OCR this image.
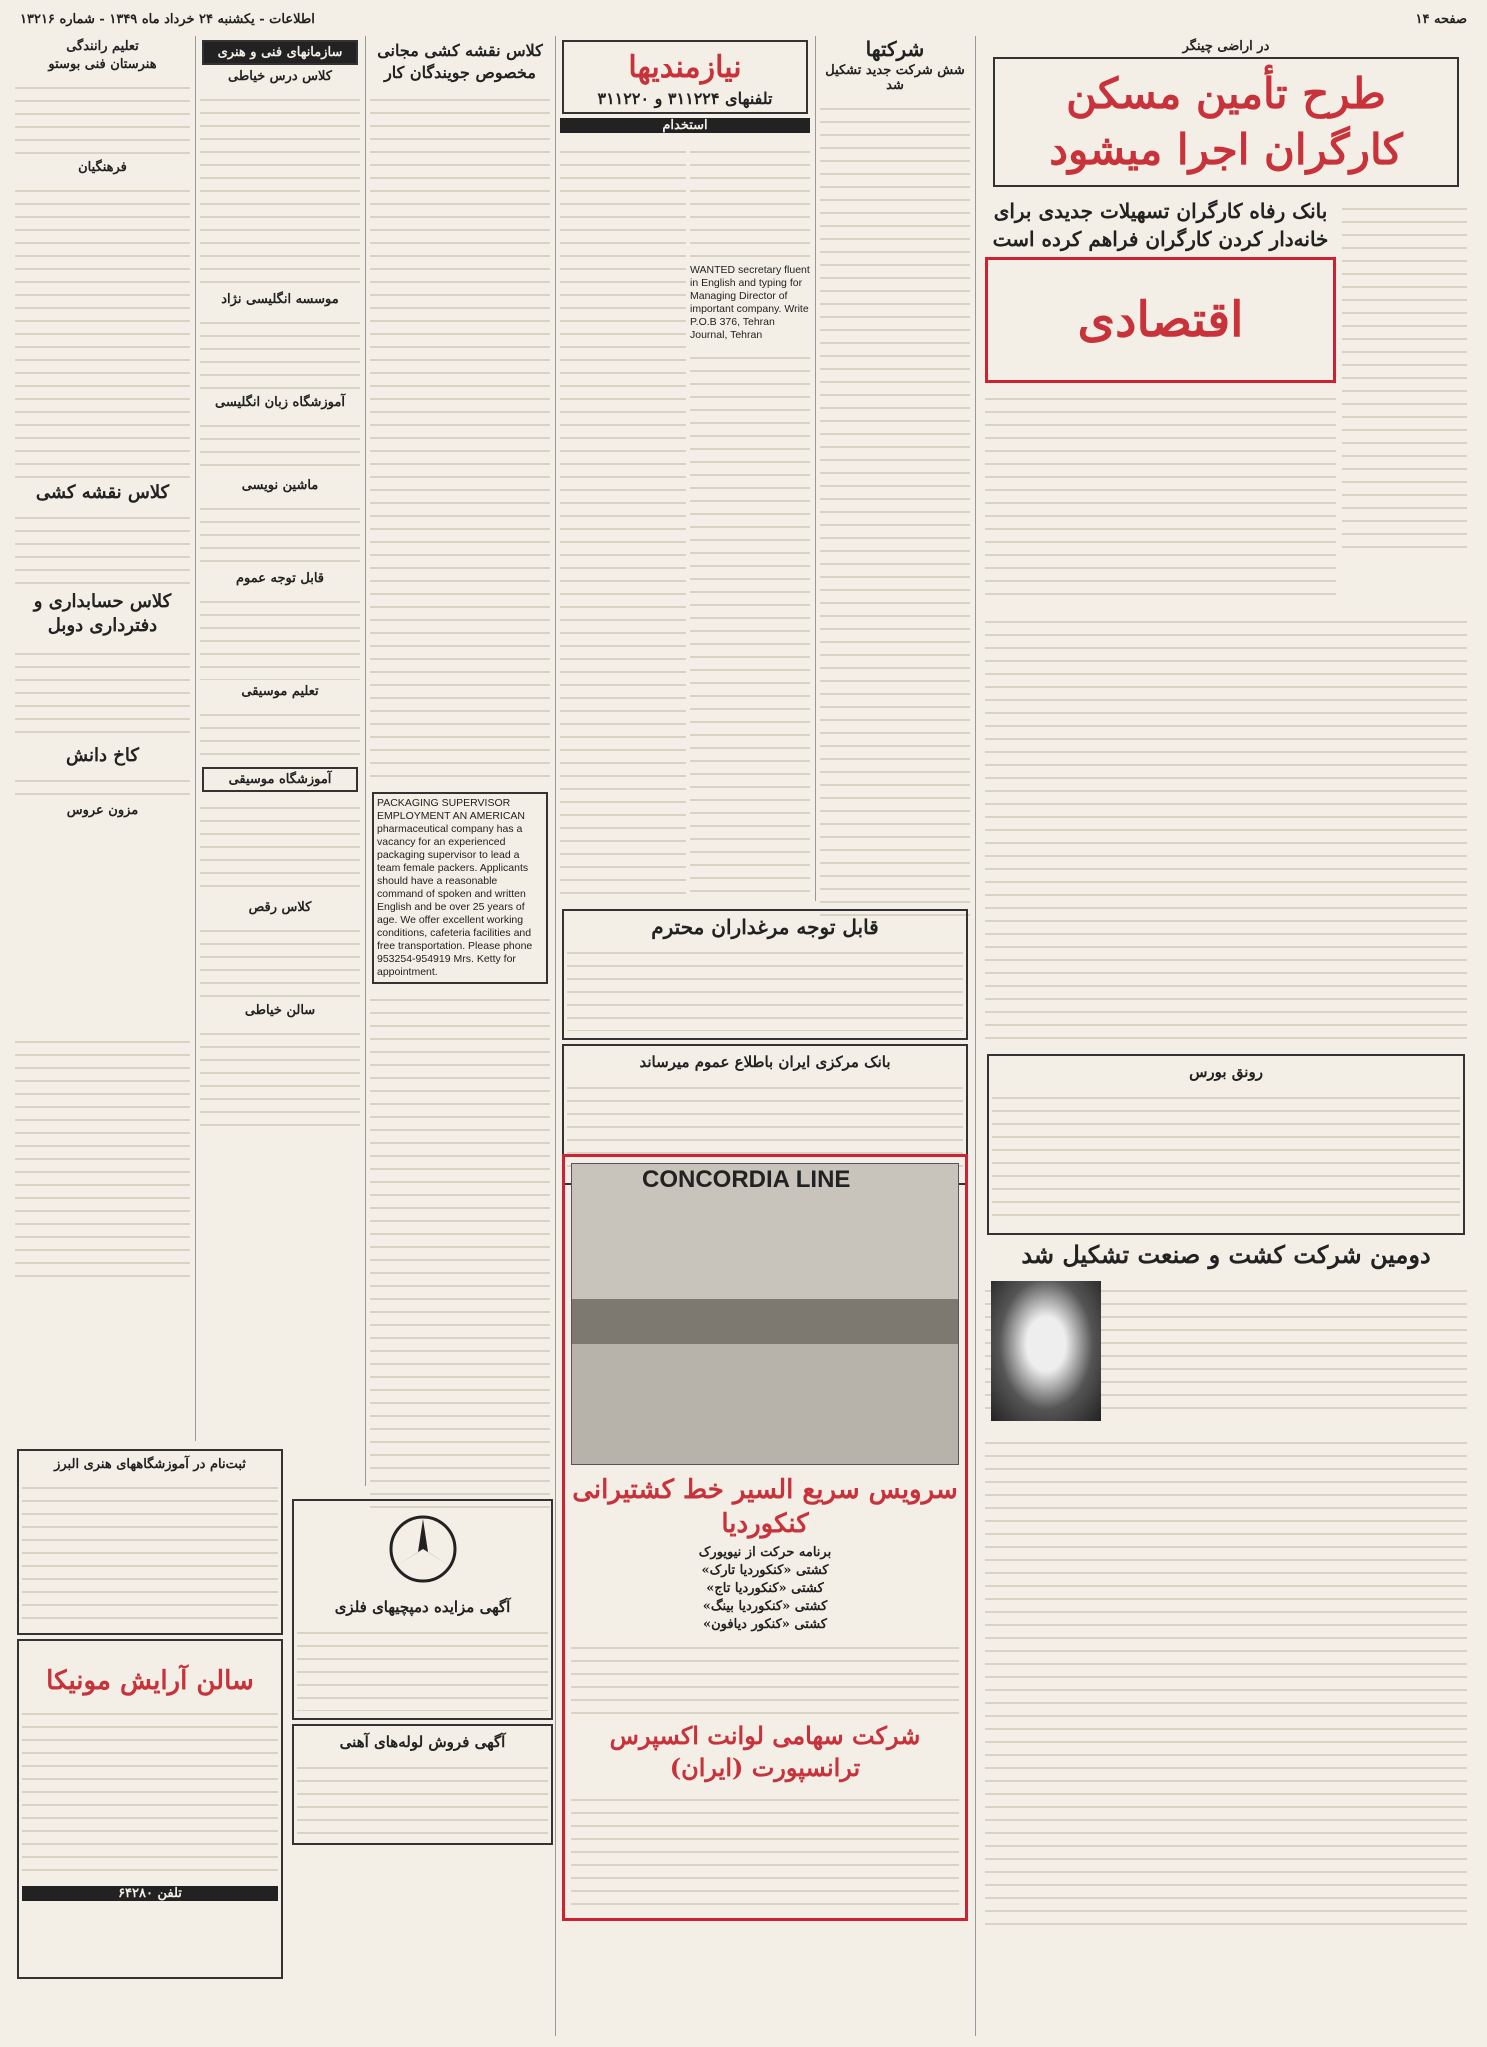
صفحه ۱۴
اطلاعات - یکشنبه ۲۴ خرداد ماه ۱۳۴۹ - شماره ۱۳۲۱۶
در اراضی چینگر
طرح تأمین مسکن کارگران اجرا میشود
بانک رفاه کارگران تسهیلات جدیدی برای خانه‌دار کردن کارگران فراهم کرده است
اقتصادی
رونق بورس
دومین شرکت کشت و صنعت تشکیل شد
شرکتها
شش شرکت جدید تشکیل شد
قابل توجه مرغداران محترم
بانک مرکزی ایران باطلاع عموم میرساند
CONCORDIA LINE
سرویس سریع السیر خط کشتیرانی کنکوردیا
برنامه حرکت از نیویورک
کشتی «کنکوردیا تارک»
کشتی «کنکوردیا تاج»
کشتی «کنکوردیا بینگ»
کشتی «کنکور دیافون»
شرکت سهامی لوانت اکسپرس ترانسپورت (ایران)
نیازمندیها
تلفنهای ۳۱۱۲۲۴ و ۳۱۱۲۲۰
استخدام
WANTED secretary fluent in English and typing for Managing Director of important company. Write P.O.B 376, Tehran Journal, Tehran
کلاس نقشه کشی مجانی مخصوص جویندگان کار
PACKAGING SUPERVISOR EMPLOYMENT AN AMERICAN pharmaceutical company has a vacancy for an experienced packaging supervisor to lead a team female packers. Applicants should have a reasonable command of spoken and written English and be over 25 years of age. We offer excellent working conditions, cafeteria facilities and free transportation. Please phone 953254-954919 Mrs. Ketty for appointment.
آگهی مزایده دمپچیهای فلزی
آگهی فروش لوله‌های آهنی
سازمانهای فنی و هنری
کلاس درس خیاطی
موسسه انگلیسی نژاد
آموزشگاه زبان انگلیسی
ماشین نویسی
قابل توجه عموم
تعلیم موسیقی
آموزشگاه موسیقی
کلاس رقص
سالن خیاطی
ثبت‌نام در آموزشگاههای هنری البرز
سالن آرایش مونیکا
تلفن ۶۴۲۸۰
تعلیم رانندگی
هنرستان فنی بوستو
فرهنگیان
کلاس نقشه کشی
کلاس حسابداری و دفترداری دوبل
کاخ دانش
مزون عروس
